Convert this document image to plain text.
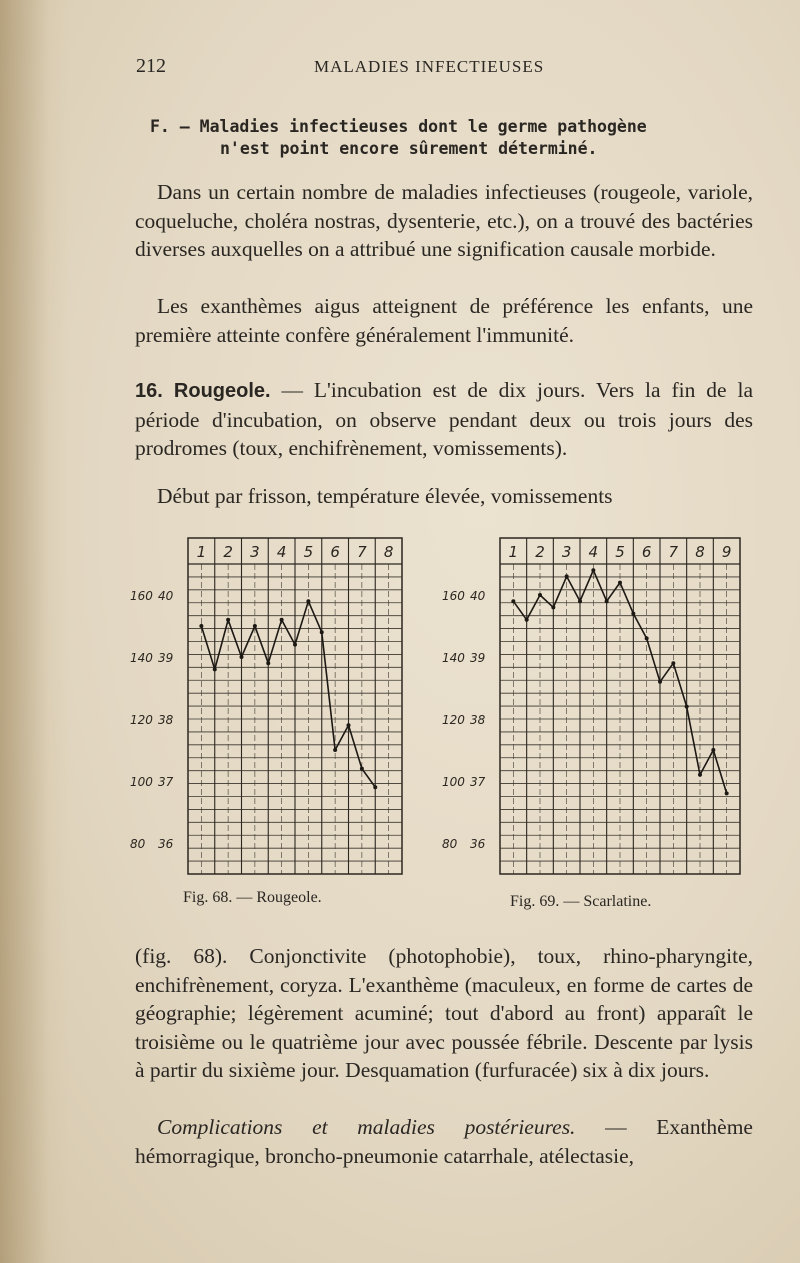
212	MALADIES INFECTIEUSES
F. — Maladies infectieuses dont le germe pathogène
n'est point encore sûrement déterminé.

Dans un certain nombre de maladies infectieuses (rougeole, variole, coqueluche, choléra nostras, dysenterie, etc.), on a trouvé des bactéries diverses auxquelles on a attribué une signification causale morbide.

Les exanthèmes aigus atteignent de préférence les enfants, une première atteinte confère généralement l'immunité.

16. Rougeole. — L'incubation est de dix jours. Vers la fin de la période d'incubation, on observe pendant deux ou trois jours des prodromes (toux, enchifrènement, vomissements).

Début par frisson, température élevée, vomissements

1 2 3 4 5 6 7 8
160 40
140 39
120 38
100 37
80 36
1 2 3 4 5 6 7 8 9
160 40
140 39
120 38
100 37
80 36
Fig. 68. — Rougeole.	Fig. 69. — Scarlatine.

(fig. 68). Conjonctivite (photophobie), toux, rhino-pharyngite, enchifrènement, coryza. L'exanthème (maculeux, en forme de cartes de géographie; légèrement acuminé; tout d'abord au front) apparaît le troisième ou le quatrième jour avec poussée fébrile. Descente par lysis à partir du sixième jour. Desquamation (furfuracée) six à dix jours.

Complications et maladies postérieures. — Exanthème hémorragique, broncho-pneumonie catarrhale, atélectasie,
